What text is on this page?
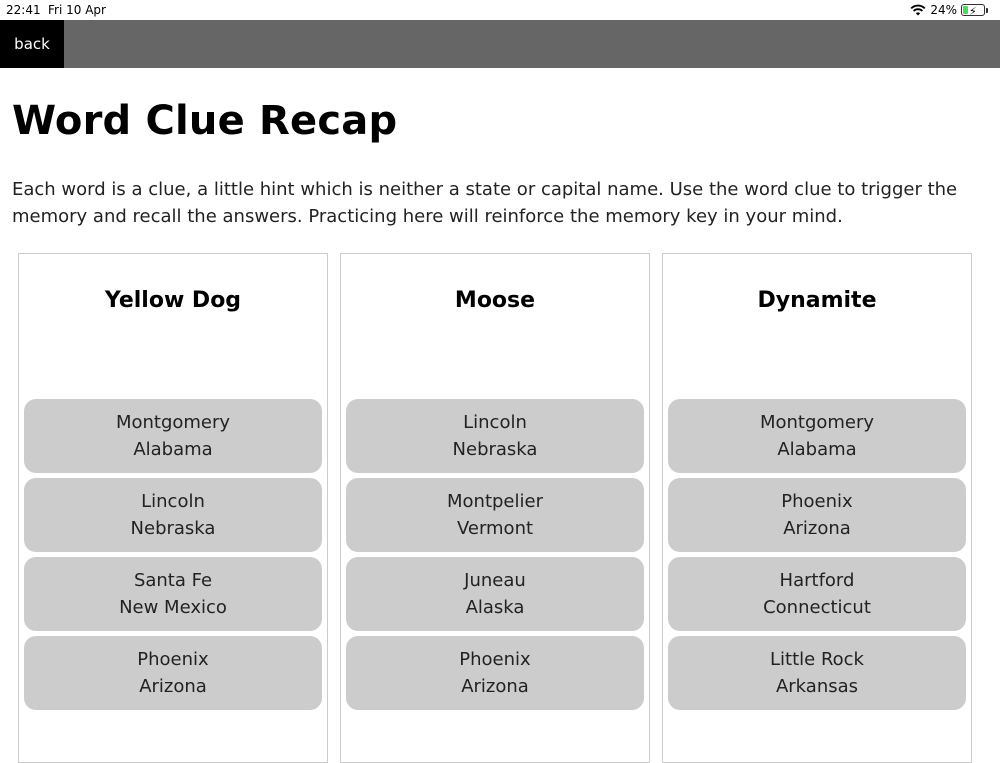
22:41 Fri 10 Apr	24% ⚡
back
Word Clue Recap

Each word is a clue, a little hint which is neither a state or capital name. Use the word clue to trigger the memory and recall the answers. Practicing here will reinforce the memory key in your mind.

Yellow Dog
Montgomery
Alabama
Lincoln
Nebraska
Santa Fe
New Mexico
Phoenix
Arizona
Moose
Lincoln
Nebraska
Montpelier
Vermont
Juneau
Alaska
Phoenix
Arizona
Dynamite
Montgomery
Alabama
Phoenix
Arizona
Hartford
Connecticut
Little Rock
Arkansas
